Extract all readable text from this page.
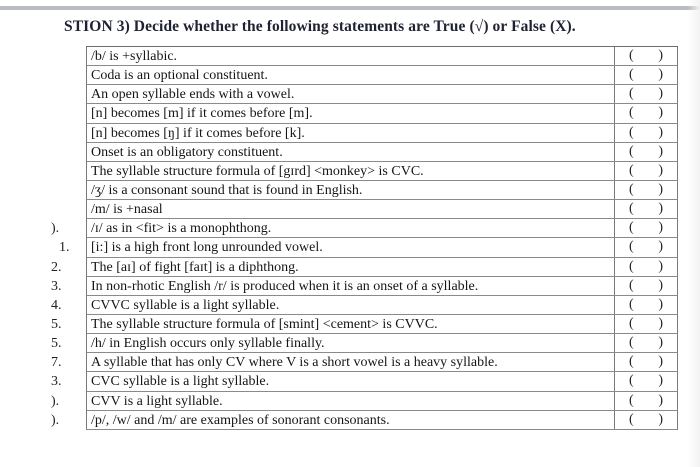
STION 3) Decide whether the following statements are True (√) or False (X).
/b/ is +syllabic.	( )
Coda is an optional constituent.	( )
An open syllable ends with a vowel.	( )
[n] becomes [m] if it comes before [m].	( )
[n] becomes [ŋ] if it comes before [k].	( )
Onset is an obligatory constituent.	( )
The syllable structure formula of [gɪrd] <monkey> is CVC.	( )
/ʒ/ is a consonant sound that is found in English.	( )
/m/ is +nasal	( )
). /ɪ/ as in <fit> is a monophthong.	( )
1. [i:] is a high front long unrounded vowel.	( )
2. The [aɪ] of fight [faɪt] is a diphthong.	( )
3. In non-rhotic English /r/ is produced when it is an onset of a syllable.	( )
4. CVVC syllable is a light syllable.	( )
5. The syllable structure formula of [smint] <cement> is CVVC.	( )
5. /h/ in English occurs only syllable finally.	( )
7. A syllable that has only CV where V is a short vowel is a heavy syllable.	( )
3. CVC syllable is a light syllable.	( )
). CVV is a light syllable.	( )
). /p/, /w/ and /m/ are examples of sonorant consonants.	( )
